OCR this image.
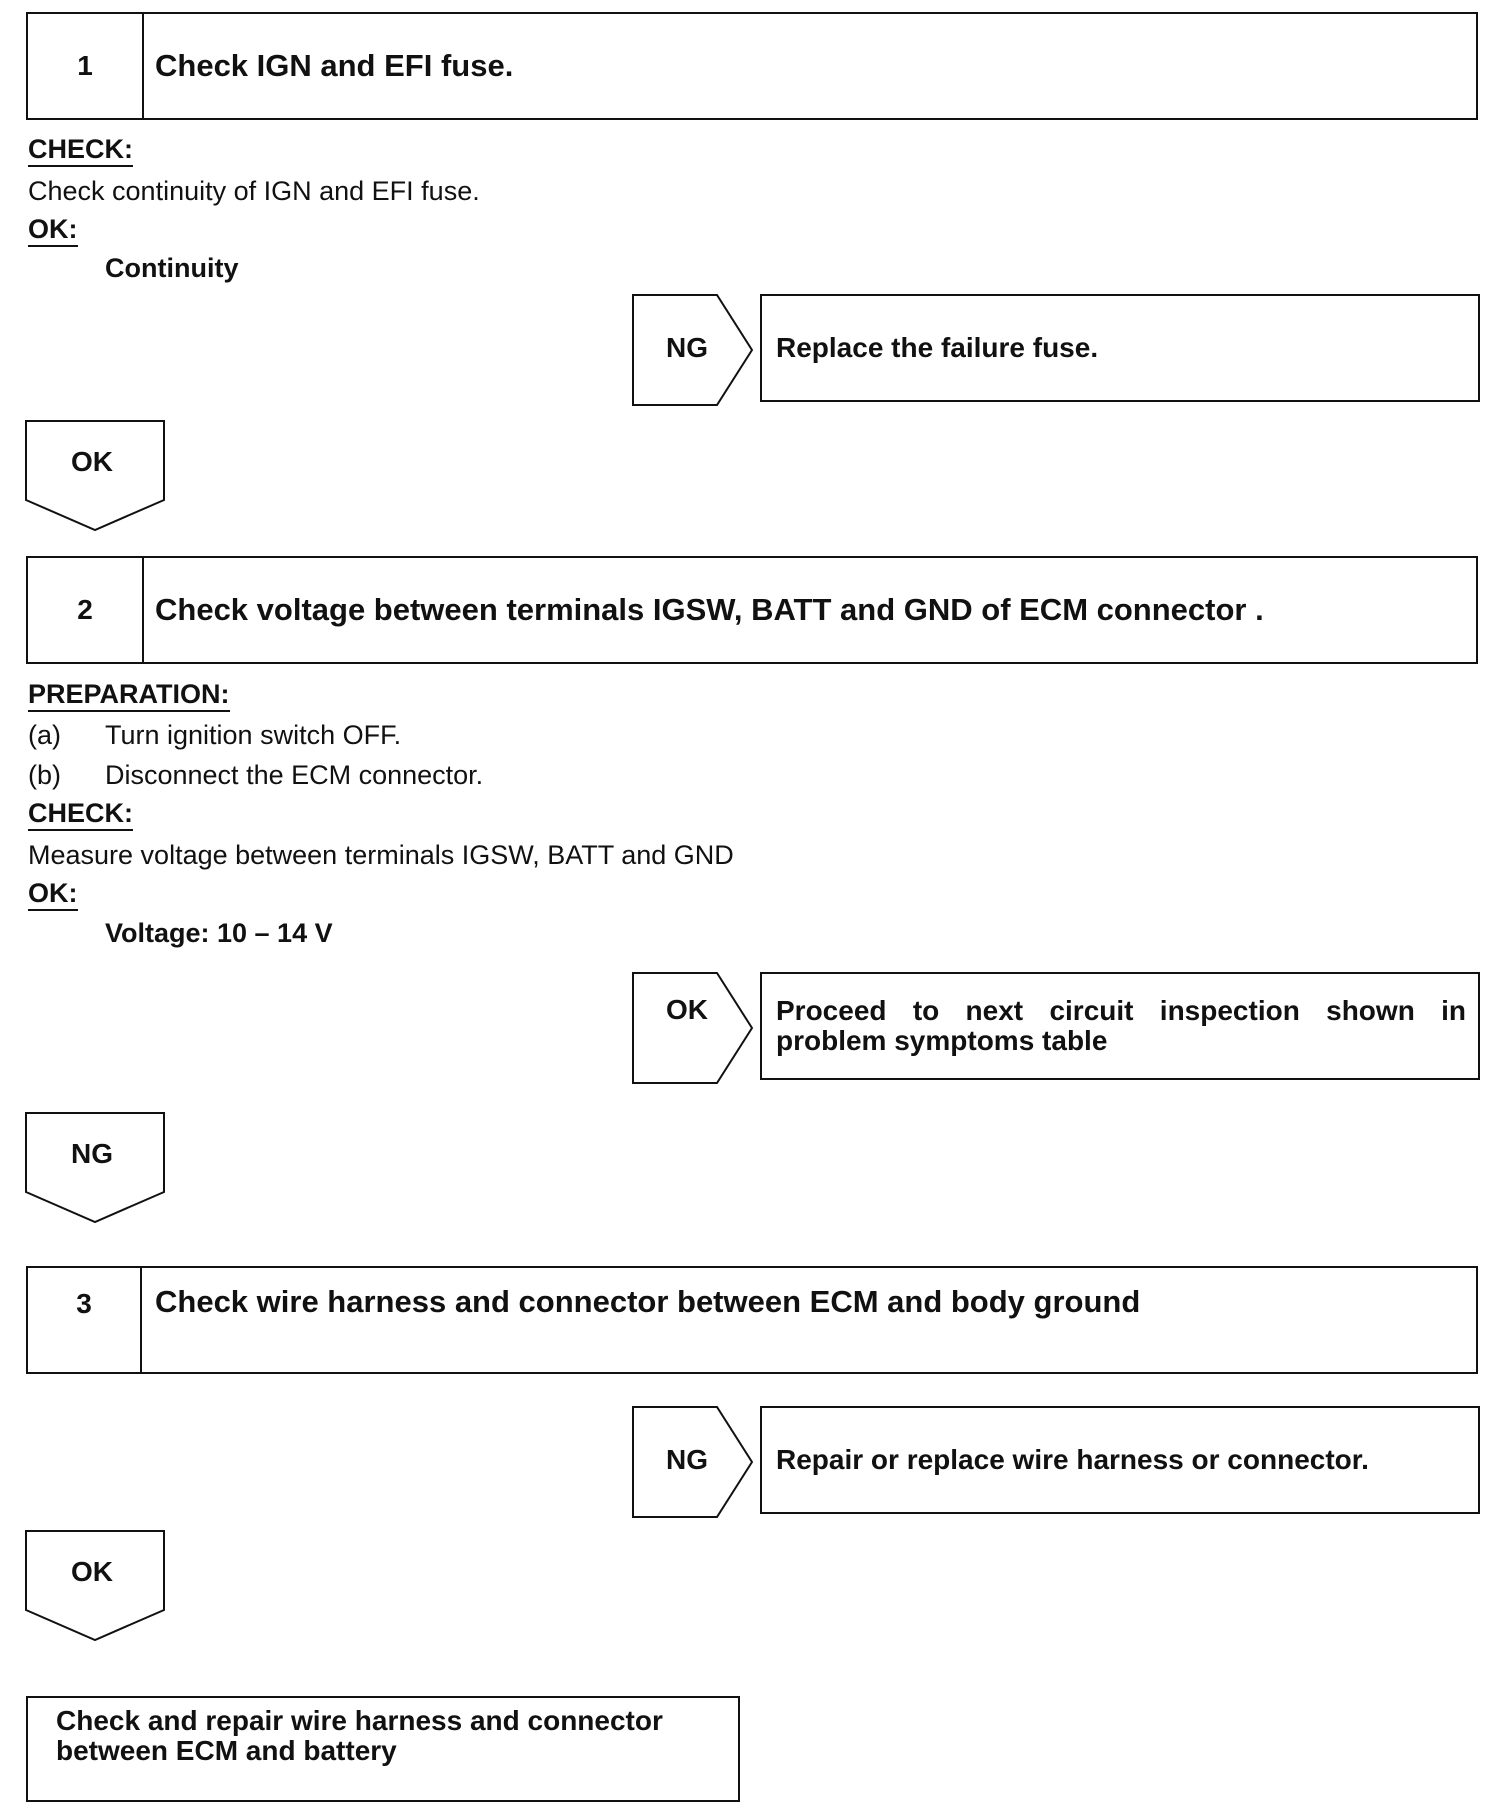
1	Check IGN and EFI fuse.
CHECK:
Check continuity of IGN and EFI fuse.
OK:
Continuity
NG	Replace the failure fuse.
OK
2	Check voltage between terminals IGSW, BATT and GND of ECM connector .
PREPARATION:
(a) Turn ignition switch OFF.
(b) Disconnect the ECM connector.
CHECK:
Measure voltage between terminals IGSW, BATT and GND
OK:
Voltage: 10 – 14 V
OK	Proceed to next circuit inspection shown in problem symptoms table
NG
3	Check wire harness and connector between ECM and body ground
NG	Repair or replace wire harness or connector.
OK
Check and repair wire harness and connector between ECM and battery
